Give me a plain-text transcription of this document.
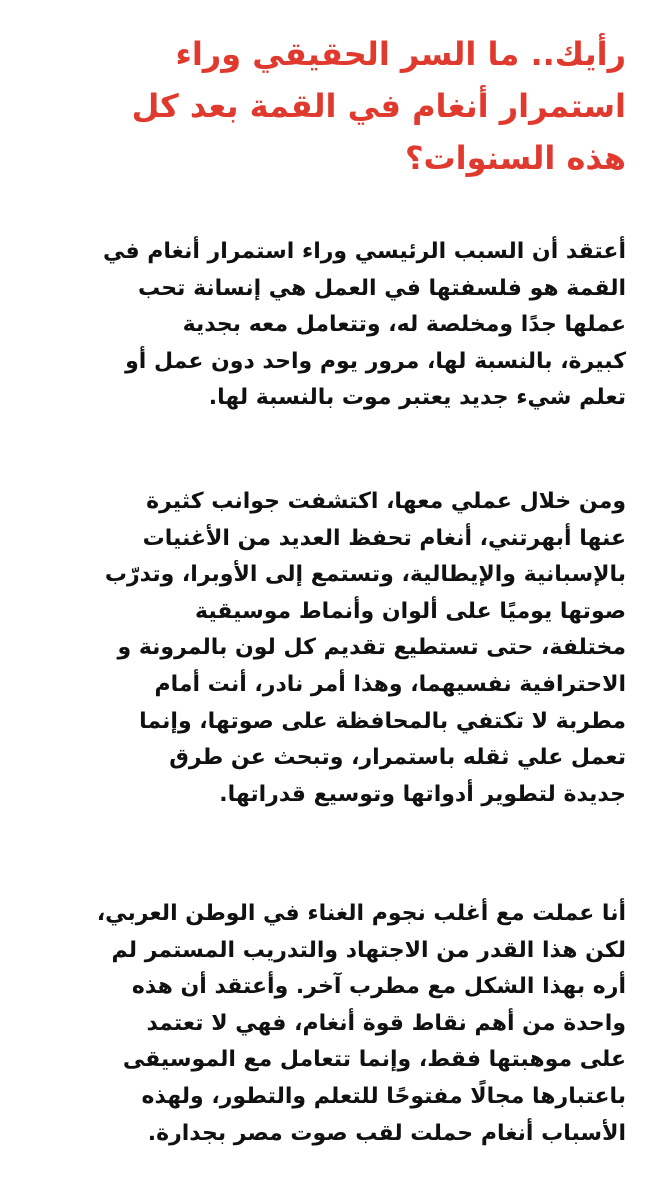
رأيك.. ما السر الحقيقي وراء
استمرار أنغام في القمة بعد كل
هذه السنوات؟

أعتقد أن السبب الرئيسي وراء استمرار أنغام في
القمة هو فلسفتها في العمل هي إنسانة تحب
عملها جدًا ومخلصة له، وتتعامل معه بجدية
كبيرة، بالنسبة لها، مرور يوم واحد دون عمل أو
تعلم شيء جديد يعتبر موت بالنسبة لها.

ومن خلال عملي معها، اكتشفت جوانب كثيرة
عنها أبهرتني، أنغام تحفظ العديد من الأغنيات
بالإسبانية والإيطالية، وتستمع إلى الأوبرا، وتدرّب
صوتها يوميًا على ألوان وأنماط موسيقية
مختلفة، حتى تستطيع تقديم كل لون بالمرونة و
الاحترافية نفسيهما، وهذا أمر نادر، أنت أمام
مطربة لا تكتفي بالمحافظة على صوتها، وإنما
تعمل علي ثقله باستمرار، وتبحث عن طرق
جديدة لتطوير أدواتها وتوسيع قدراتها.

أنا عملت مع أغلب نجوم الغناء في الوطن العربي،
لكن هذا القدر من الاجتهاد والتدريب المستمر لم
أره بهذا الشكل مع مطرب آخر. وأعتقد أن هذه
واحدة من أهم نقاط قوة أنغام، فهي لا تعتمد
على موهبتها فقط، وإنما تتعامل مع الموسيقى
باعتبارها مجالًا مفتوحًا للتعلم والتطور، ولهذه
الأسباب أنغام حملت لقب صوت مصر بجدارة.
